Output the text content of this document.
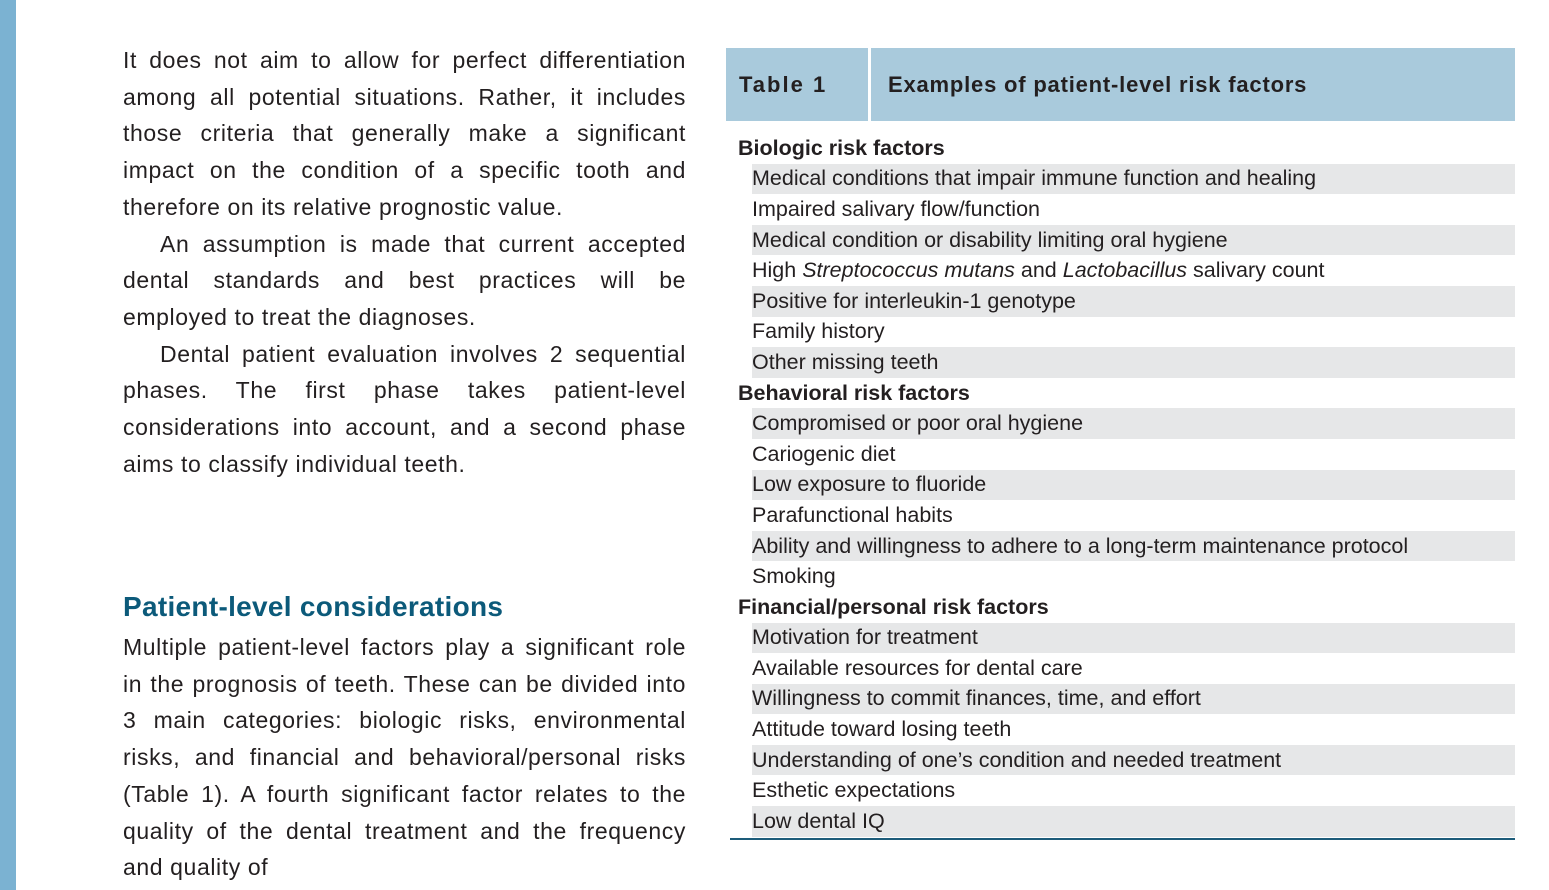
It does not aim to allow for perfect differentiation among all potential situations. Rather, it includes those criteria that generally make a significant impact on the condition of a specific tooth and therefore on its relative prognostic value.

An assumption is made that current accepted dental standards and best practices will be employed to treat the diagnoses.

Dental patient evaluation involves 2 sequential phases. The first phase takes patient-level considerations into account, and a second phase aims to classify individual teeth.

Patient-level considerations

Multiple patient-level factors play a significant role in the prognosis of teeth. These can be divided into 3 main categories: biologic risks, environmental risks, and financial and behavioral/personal risks (Table 1). A fourth significant factor relates to the quality of the dental treatment and the frequency and quality of

Table 1	Examples of patient-level risk factors
Biologic risk factors
Medical conditions that impair immune function and healing
Impaired salivary flow/function
Medical condition or disability limiting oral hygiene
High Streptococcus mutans and Lactobacillus salivary count
Positive for interleukin-1 genotype
Family history
Other missing teeth
Behavioral risk factors
Compromised or poor oral hygiene
Cariogenic diet
Low exposure to fluoride
Parafunctional habits
Ability and willingness to adhere to a long-term maintenance protocol
Smoking
Financial/personal risk factors
Motivation for treatment
Available resources for dental care
Willingness to commit finances, time, and effort
Attitude toward losing teeth
Understanding of one’s condition and needed treatment
Esthetic expectations
Low dental IQ
